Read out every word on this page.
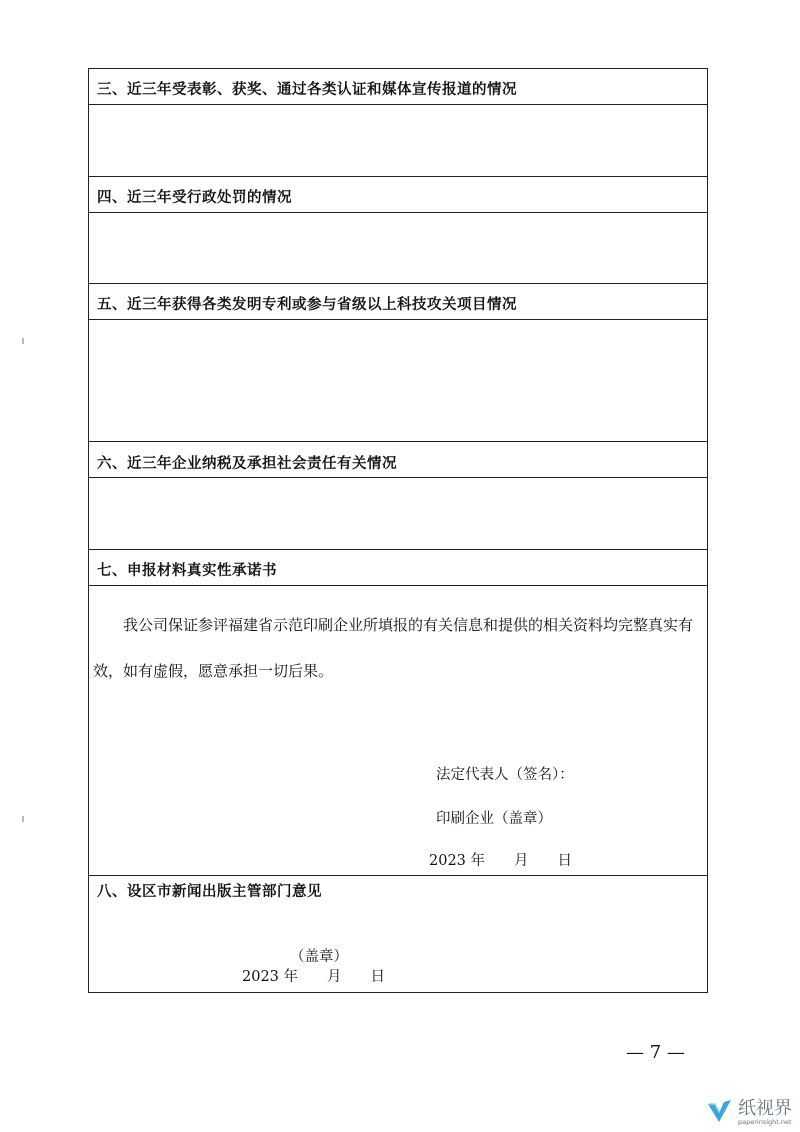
三、近三年受表彰、获奖、通过各类认证和媒体宣传报道的情况
四、近三年受行政处罚的情况
五、近三年获得各类发明专利或参与省级以上科技攻关项目情况
六、近三年企业纳税及承担社会责任有关情况
七、申报材料真实性承诺书
我公司保证参评福建省示范印刷企业所填报的有关信息和提供的相关资料均完整真实有效，如有虚假，愿意承担一切后果。
法定代表人（签名）：
印刷企业（盖章）
2023 年　　月　　日
八、设区市新闻出版主管部门意见
（盖章）
2023 年　　月　　日
— 7 —
纸视界
paperinsight.net
